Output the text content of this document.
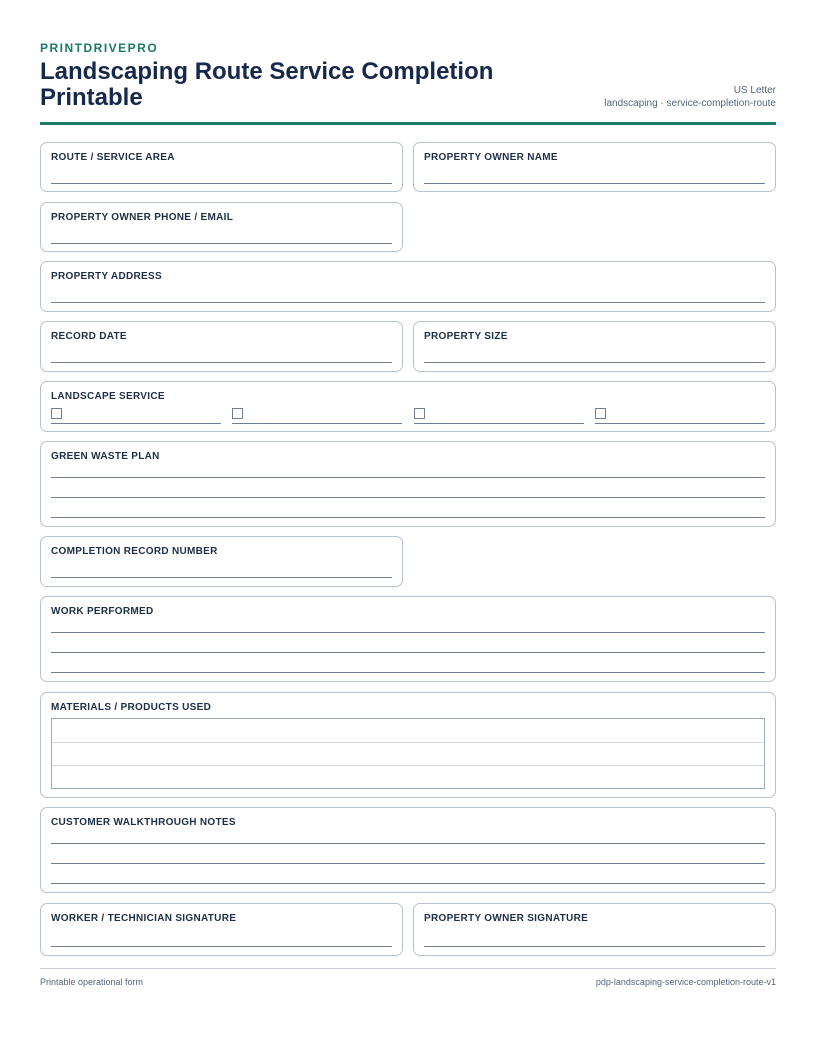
PRINTDRIVEPRO
Landscaping Route Service Completion Printable	US Letter
landscaping · service-completion-route
ROUTE / SERVICE AREA	PROPERTY OWNER NAME
PROPERTY OWNER PHONE / EMAIL
PROPERTY ADDRESS
RECORD DATE	PROPERTY SIZE
LANDSCAPE SERVICE
GREEN WASTE PLAN
COMPLETION RECORD NUMBER
WORK PERFORMED
MATERIALS / PRODUCTS USED
CUSTOMER WALKTHROUGH NOTES
WORKER / TECHNICIAN SIGNATURE	PROPERTY OWNER SIGNATURE
Printable operational form	pdp-landscaping-service-completion-route-v1
